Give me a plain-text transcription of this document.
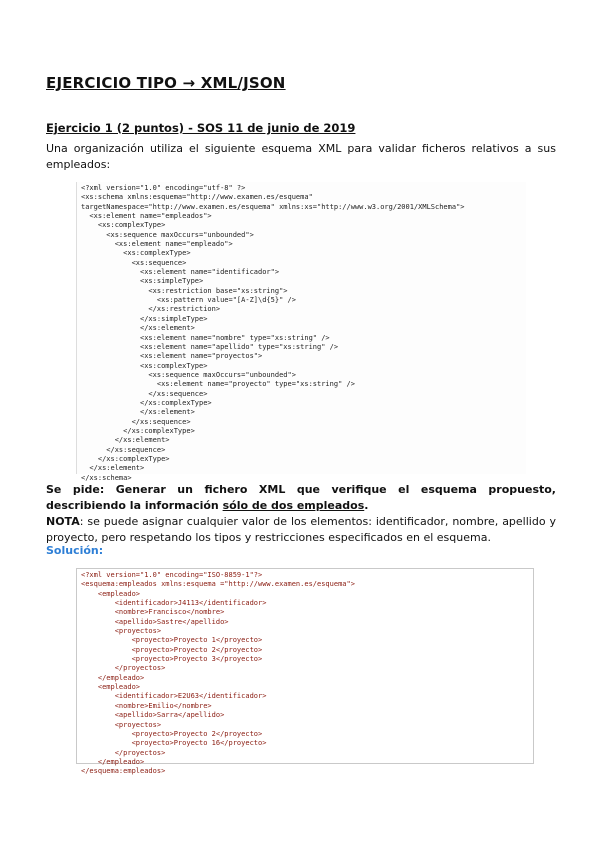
EJERCICIO TIPO → XML/JSON
Ejercicio 1 (2 puntos) - SOS 11 de junio de 2019
Una organización utiliza el siguiente esquema XML para validar ficheros relativos a sus empleados:
<?xml version="1.0" encoding="utf-8" ?>
<xs:schema xmlns:esquema="http://www.examen.es/esquema"
targetNamespace="http://www.examen.es/esquema" xmlns:xs="http://www.w3.org/2001/XMLSchema">
<xs:element name="empleados">
<xs:complexType>
<xs:sequence maxOccurs="unbounded">
<xs:element name="empleado">
<xs:complexType>
<xs:sequence>
<xs:element name="identificador">
<xs:simpleType>
<xs:restriction base="xs:string">
<xs:pattern value="[A-Z]\d{5}" />
</xs:restriction>
</xs:simpleType>
</xs:element>
<xs:element name="nombre" type="xs:string" />
<xs:element name="apellido" type="xs:string" />
<xs:element name="proyectos">
<xs:complexType>
<xs:sequence maxOccurs="unbounded">
<xs:element name="proyecto" type="xs:string" />
</xs:sequence>
</xs:complexType>
</xs:element>
</xs:sequence>
</xs:complexType>
</xs:element>
</xs:sequence>
</xs:complexType>
</xs:element>
</xs:schema>
Se pide: Generar un fichero XML que verifique el esquema propuesto, describiendo la información sólo de dos empleados.
NOTA: se puede asignar cualquier valor de los elementos: identificador, nombre, apellido y proyecto, pero respetando los tipos y restricciones especificados en el esquema.
Solución:
<?xml version="1.0" encoding="ISO-8859-1"?>
<esquema:empleados xmlns:esquema ="http://www.examen.es/esquema">
<empleado>
<identificador>J4113</identificador>
<nombre>Francisco</nombre>
<apellido>Sastre</apellido>
<proyectos>
<proyecto>Proyecto 1</proyecto>
<proyecto>Proyecto 2</proyecto>
<proyecto>Proyecto 3</proyecto>
</proyectos>
</empleado>
<empleado>
<identificador>E2U63</identificador>
<nombre>Emilio</nombre>
<apellido>Sarra</apellido>
<proyectos>
<proyecto>Proyecto 2</proyecto>
<proyecto>Proyecto 16</proyecto>
</proyectos>
</empleado>
</esquema:empleados>
